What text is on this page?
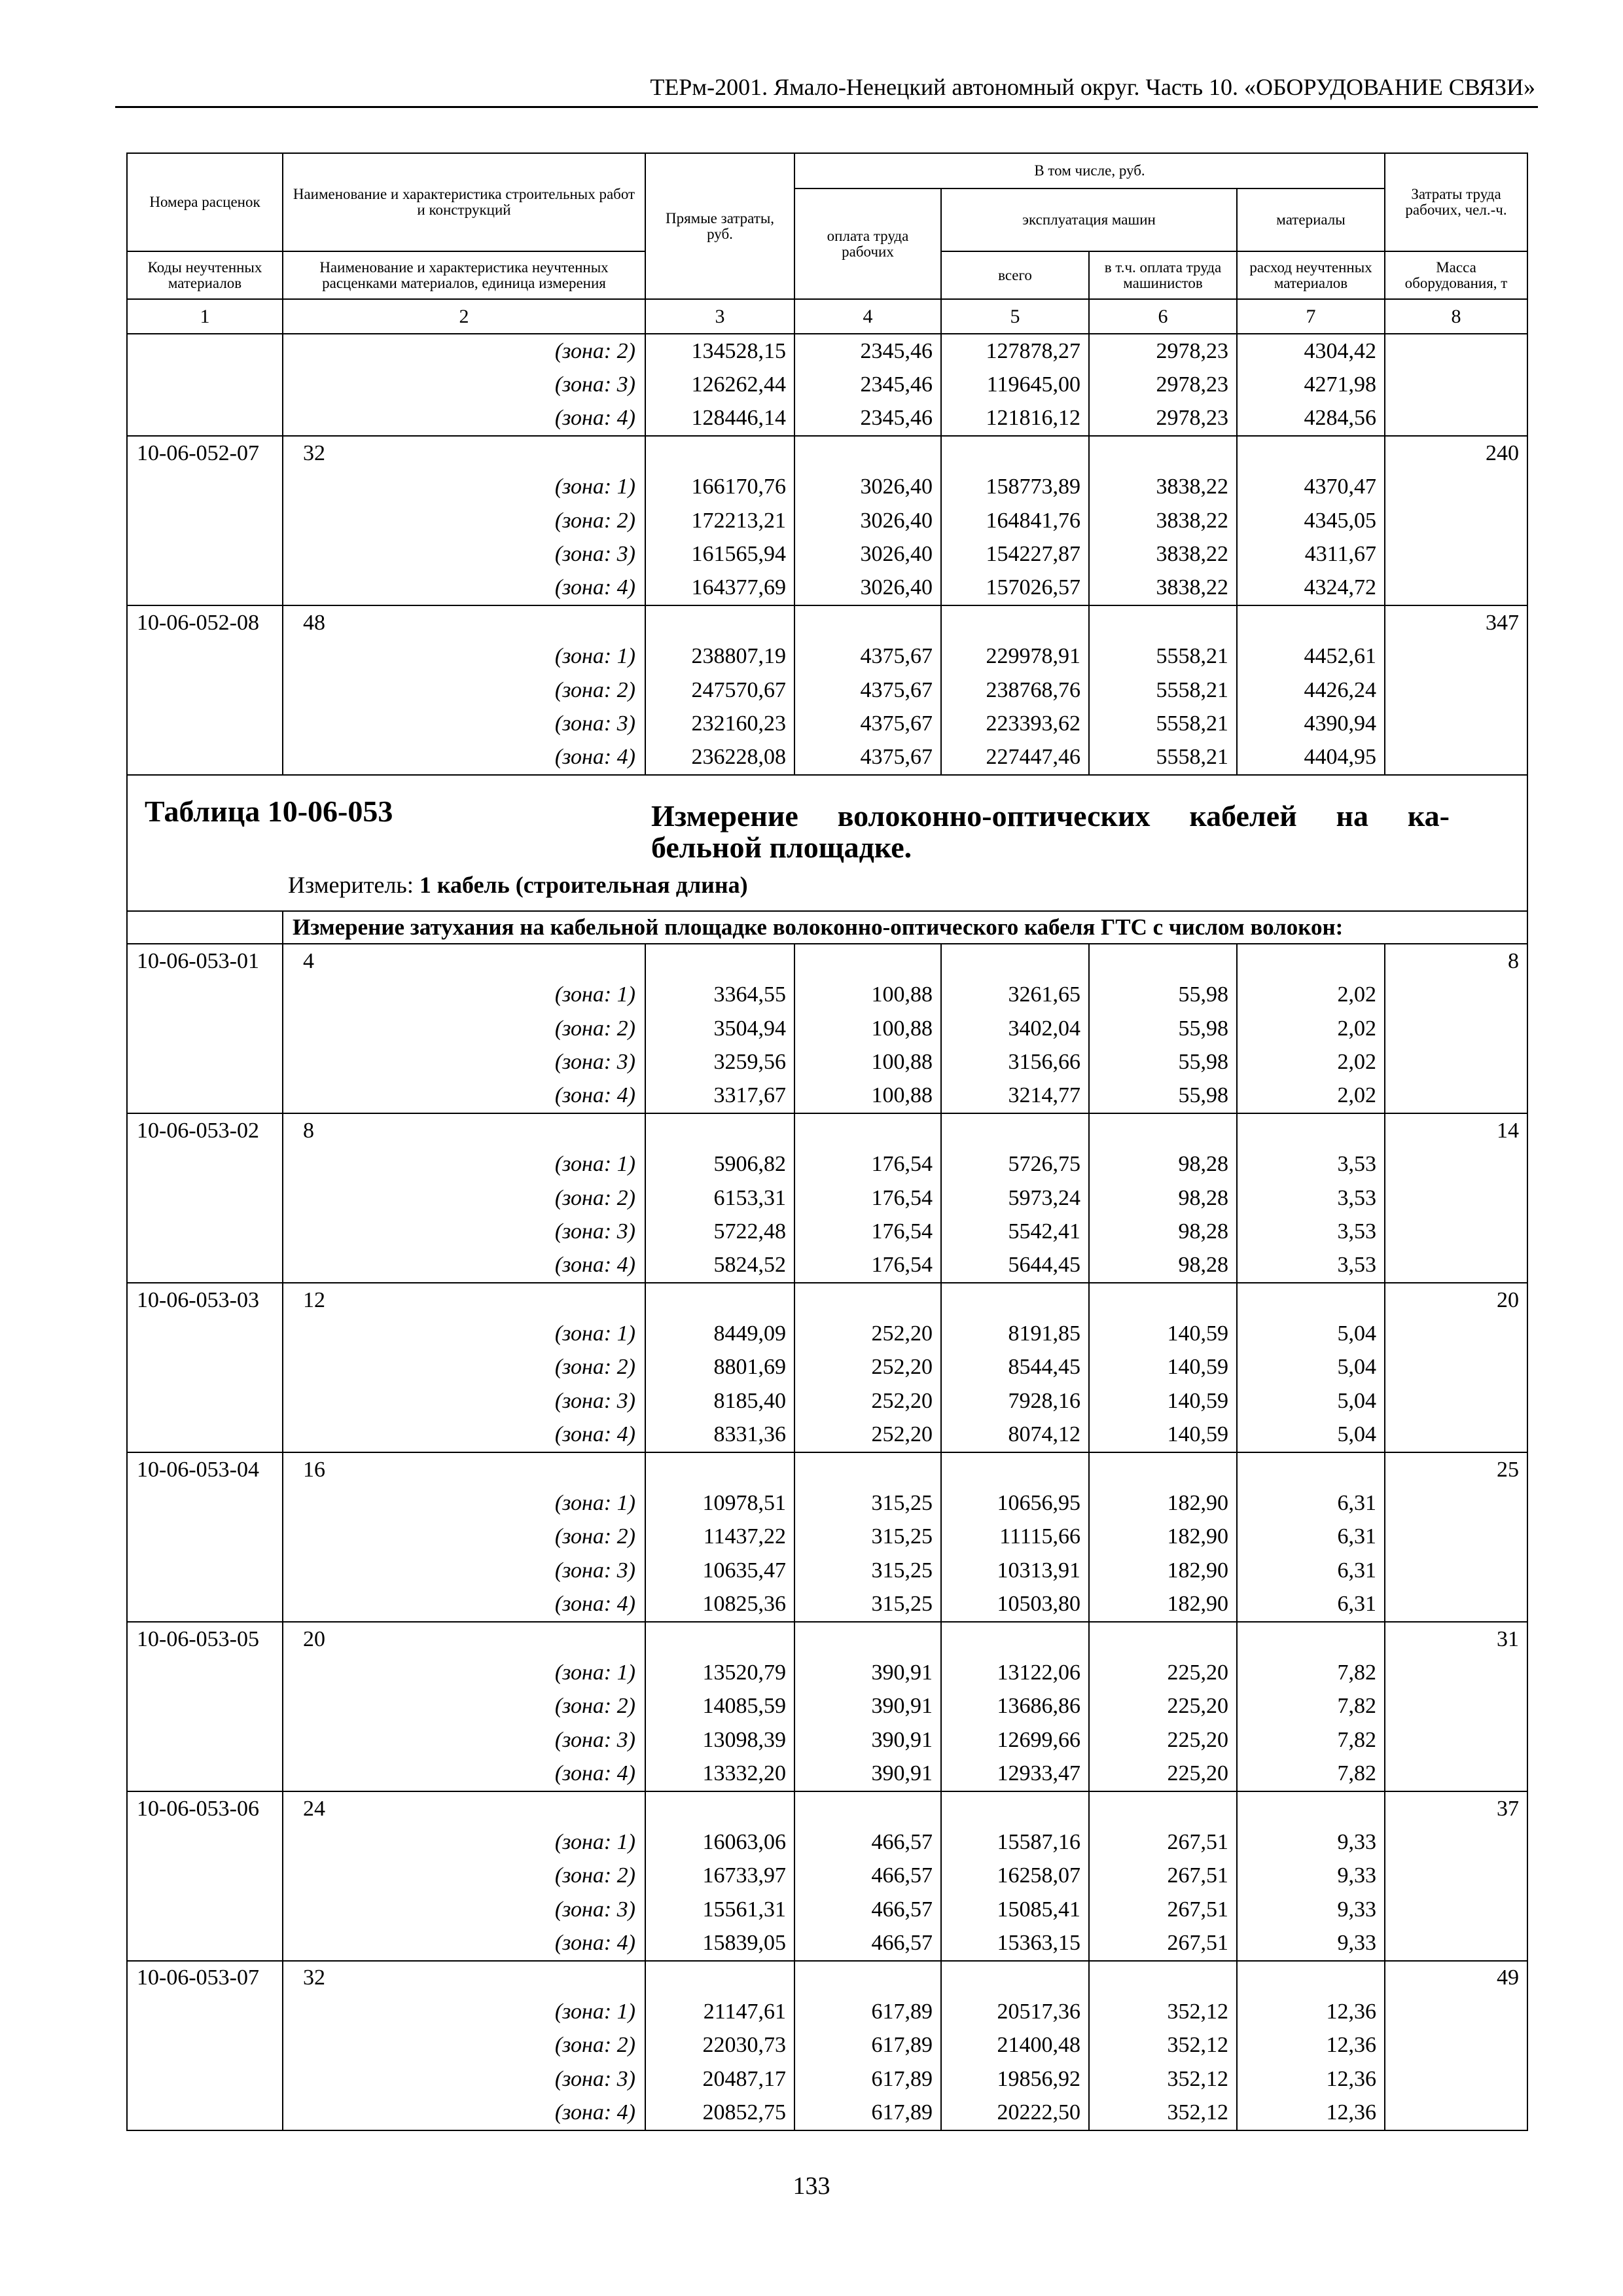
ТЕРм-2001. Ямало-Ненецкий автономный округ. Часть 10. «ОБОРУДОВАНИЕ СВЯЗИ»
Номера расценок	Наименование и характеристика строительных работ и конструкций	Прямые затраты, руб.	В том числе, руб.				Затраты труда рабочих, чел.-ч.
			оплата труда рабочих	эксплуатация машин		материалы	
Коды неучтенных материалов	Наименование и характеристика неучтенных расценками материалов, единица измерения			всего	в т.ч. оплата труда машинистов	расход неучтенных материалов	Масса оборудования, т
1	2	3	4	5	6	7	8
	(зона: 2)	134528,15	2345,46	127878,27	2978,23	4304,42	
	(зона: 3)	126262,44	2345,46	119645,00	2978,23	4271,98	
	(зона: 4)	128446,14	2345,46	121816,12	2978,23	4284,56	
10-06-052-07	32						240
	(зона: 1)	166170,76	3026,40	158773,89	3838,22	4370,47	
	(зона: 2)	172213,21	3026,40	164841,76	3838,22	4345,05	
	(зона: 3)	161565,94	3026,40	154227,87	3838,22	4311,67	
	(зона: 4)	164377,69	3026,40	157026,57	3838,22	4324,72	
10-06-052-08	48						347
	(зона: 1)	238807,19	4375,67	229978,91	5558,21	4452,61	
	(зона: 2)	247570,67	4375,67	238768,76	5558,21	4426,24	
	(зона: 3)	232160,23	4375,67	223393,62	5558,21	4390,94	
	(зона: 4)	236228,08	4375,67	227447,46	5558,21	4404,95	

Таблица 10-06-053 Измерение волоконно-оптических кабелей на ка-
бельной площадке.
Измеритель: 1 кабель (строительная длина)							

	Измерение затухания на кабельной площадке волоконно-оптического кабеля ГТС с числом волокон:						
10-06-053-01	4						8
	(зона: 1)	3364,55	100,88	3261,65	55,98	2,02	
	(зона: 2)	3504,94	100,88	3402,04	55,98	2,02	
	(зона: 3)	3259,56	100,88	3156,66	55,98	2,02	
	(зона: 4)	3317,67	100,88	3214,77	55,98	2,02	
10-06-053-02	8						14
	(зона: 1)	5906,82	176,54	5726,75	98,28	3,53	
	(зона: 2)	6153,31	176,54	5973,24	98,28	3,53	
	(зона: 3)	5722,48	176,54	5542,41	98,28	3,53	
	(зона: 4)	5824,52	176,54	5644,45	98,28	3,53	
10-06-053-03	12						20
	(зона: 1)	8449,09	252,20	8191,85	140,59	5,04	
	(зона: 2)	8801,69	252,20	8544,45	140,59	5,04	
	(зона: 3)	8185,40	252,20	7928,16	140,59	5,04	
	(зона: 4)	8331,36	252,20	8074,12	140,59	5,04	
10-06-053-04	16						25
	(зона: 1)	10978,51	315,25	10656,95	182,90	6,31	
	(зона: 2)	11437,22	315,25	11115,66	182,90	6,31	
	(зона: 3)	10635,47	315,25	10313,91	182,90	6,31	
	(зона: 4)	10825,36	315,25	10503,80	182,90	6,31	
10-06-053-05	20						31
	(зона: 1)	13520,79	390,91	13122,06	225,20	7,82	
	(зона: 2)	14085,59	390,91	13686,86	225,20	7,82	
	(зона: 3)	13098,39	390,91	12699,66	225,20	7,82	
	(зона: 4)	13332,20	390,91	12933,47	225,20	7,82	
10-06-053-06	24						37
	(зона: 1)	16063,06	466,57	15587,16	267,51	9,33	
	(зона: 2)	16733,97	466,57	16258,07	267,51	9,33	
	(зона: 3)	15561,31	466,57	15085,41	267,51	9,33	
	(зона: 4)	15839,05	466,57	15363,15	267,51	9,33	
10-06-053-07	32						49
	(зона: 1)	21147,61	617,89	20517,36	352,12	12,36	
	(зона: 2)	22030,73	617,89	21400,48	352,12	12,36	
	(зона: 3)	20487,17	617,89	19856,92	352,12	12,36	
	(зона: 4)	20852,75	617,89	20222,50	352,12	12,36	
133
